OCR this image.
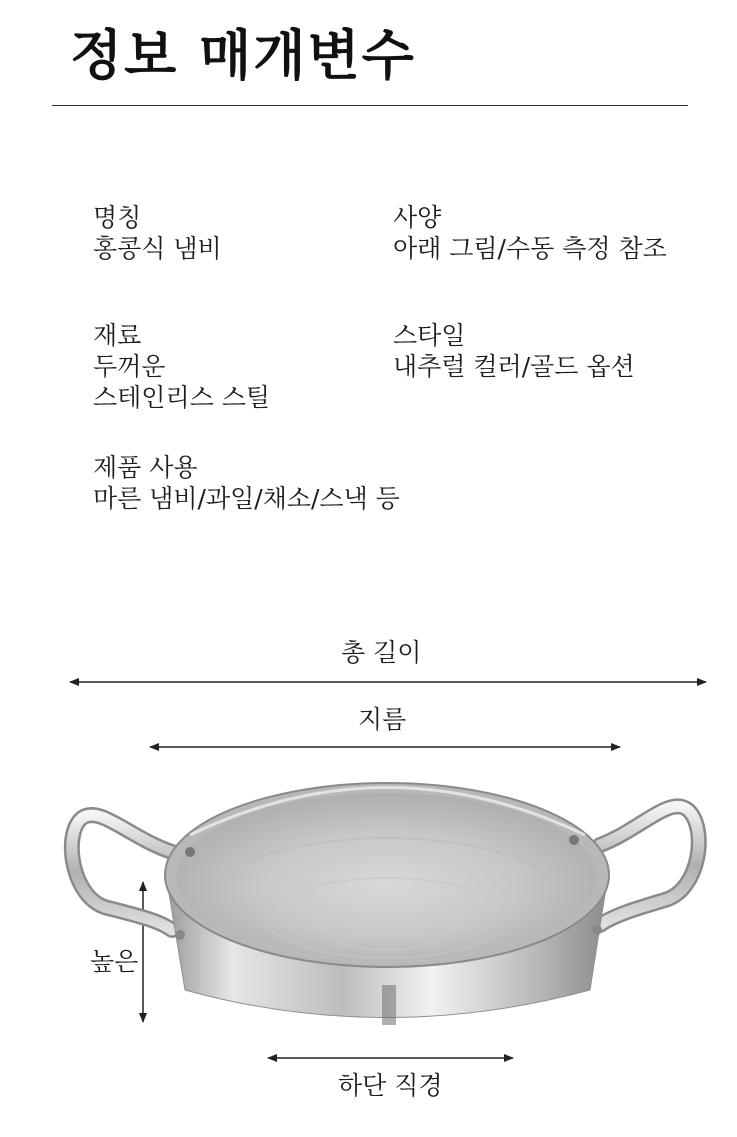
정보 매개변수
명칭
홍콩식 냄비
사양
아래 그림/수동 측정 참조
재료
두꺼운
스테인리스 스틸
스타일
내추럴 컬러/골드 옵션
제품 사용
마른 냄비/과일/채소/스낵 등
총 길이
지름
높은
하단 직경
